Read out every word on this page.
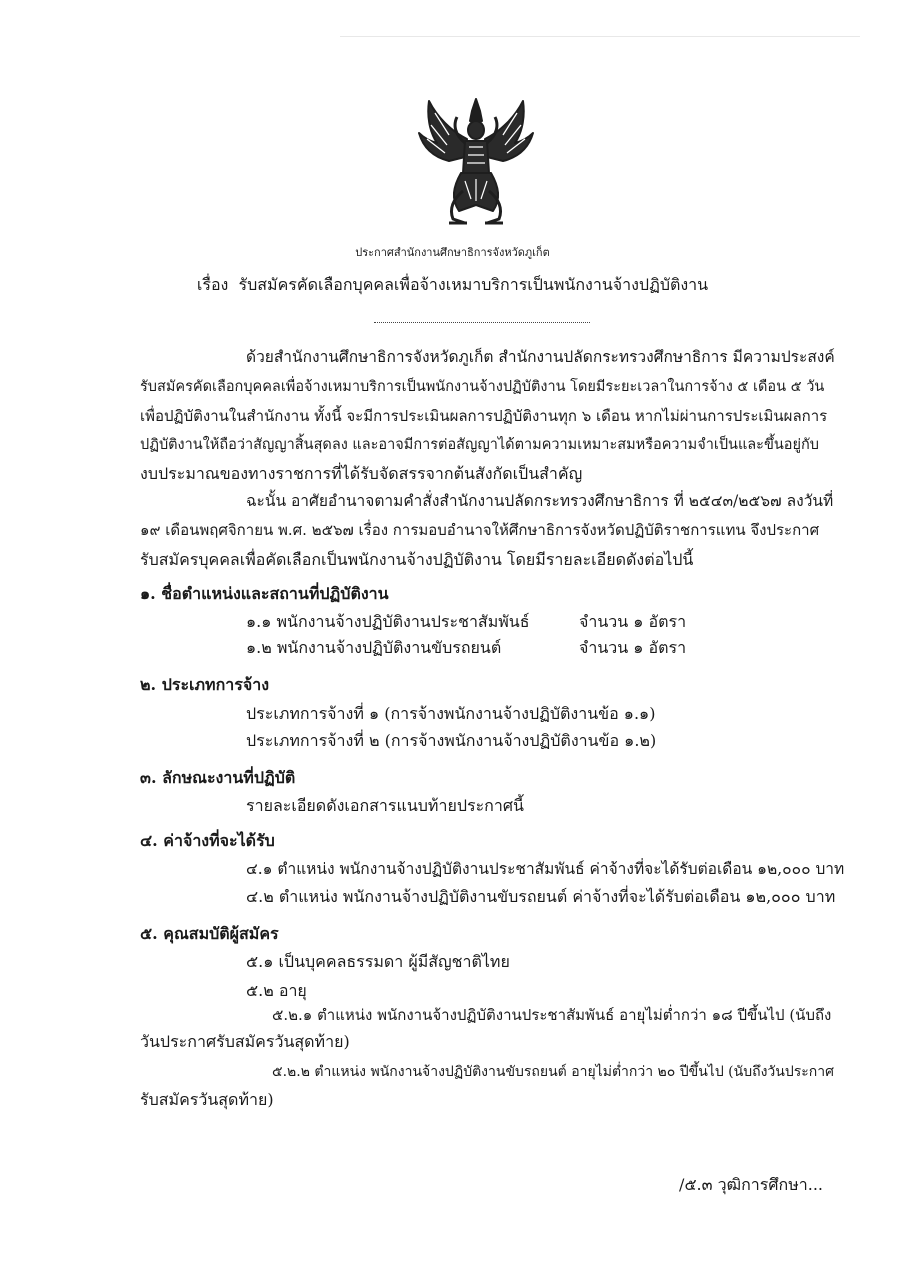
ประกาศสำนักงานศึกษาธิการจังหวัดภูเก็ต
เรื่อง รับสมัครคัดเลือกบุคคลเพื่อจ้างเหมาบริการเป็นพนักงานจ้างปฏิบัติงาน
ด้วยสำนักงานศึกษาธิการจังหวัดภูเก็ต สำนักงานปลัดกระทรวงศึกษาธิการ มีความประสงค์
รับสมัครคัดเลือกบุคคลเพื่อจ้างเหมาบริการเป็นพนักงานจ้างปฏิบัติงาน โดยมีระยะเวลาในการจ้าง ๕ เดือน ๕ วัน
เพื่อปฏิบัติงานในสำนักงาน ทั้งนี้ จะมีการประเมินผลการปฏิบัติงานทุก ๖ เดือน หากไม่ผ่านการประเมินผลการ
ปฏิบัติงานให้ถือว่าสัญญาสิ้นสุดลง และอาจมีการต่อสัญญาได้ตามความเหมาะสมหรือความจำเป็นและขึ้นอยู่กับ
งบประมาณของทางราชการที่ได้รับจัดสรรจากต้นสังกัดเป็นสำคัญ
ฉะนั้น อาศัยอำนาจตามคำสั่งสำนักงานปลัดกระทรวงศึกษาธิการ ที่ ๒๕๔๓/๒๕๖๗ ลงวันที่
๑๙ เดือนพฤศจิกายน พ.ศ. ๒๕๖๗ เรื่อง การมอบอำนาจให้ศึกษาธิการจังหวัดปฏิบัติราชการแทน จึงประกาศ
รับสมัครบุคคลเพื่อคัดเลือกเป็นพนักงานจ้างปฏิบัติงาน โดยมีรายละเอียดดังต่อไปนี้
๑. ชื่อตำแหน่งและสถานที่ปฏิบัติงาน
๑.๑ พนักงานจ้างปฏิบัติงานประชาสัมพันธ์	จำนวน ๑ อัตรา
๑.๒ พนักงานจ้างปฏิบัติงานขับรถยนต์	จำนวน ๑ อัตรา
๒. ประเภทการจ้าง
ประเภทการจ้างที่ ๑ (การจ้างพนักงานจ้างปฏิบัติงานข้อ ๑.๑)
ประเภทการจ้างที่ ๒ (การจ้างพนักงานจ้างปฏิบัติงานข้อ ๑.๒)
๓. ลักษณะงานที่ปฏิบัติ
รายละเอียดดังเอกสารแนบท้ายประกาศนี้
๔. ค่าจ้างที่จะได้รับ
๔.๑ ตำแหน่ง พนักงานจ้างปฏิบัติงานประชาสัมพันธ์ ค่าจ้างที่จะได้รับต่อเดือน ๑๒,๐๐๐ บาท
๔.๒ ตำแหน่ง พนักงานจ้างปฏิบัติงานขับรถยนต์ ค่าจ้างที่จะได้รับต่อเดือน ๑๒,๐๐๐ บาท
๕. คุณสมบัติผู้สมัคร
๕.๑ เป็นบุคคลธรรมดา ผู้มีสัญชาติไทย
๕.๒ อายุ
๕.๒.๑ ตำแหน่ง พนักงานจ้างปฏิบัติงานประชาสัมพันธ์ อายุไม่ต่ำกว่า ๑๘ ปีขึ้นไป (นับถึง
วันประกาศรับสมัครวันสุดท้าย)
๕.๒.๒ ตำแหน่ง พนักงานจ้างปฏิบัติงานขับรถยนต์ อายุไม่ต่ำกว่า ๒๐ ปีขึ้นไป (นับถึงวันประกาศ
รับสมัครวันสุดท้าย)
/๕.๓ วุฒิการศึกษา...
